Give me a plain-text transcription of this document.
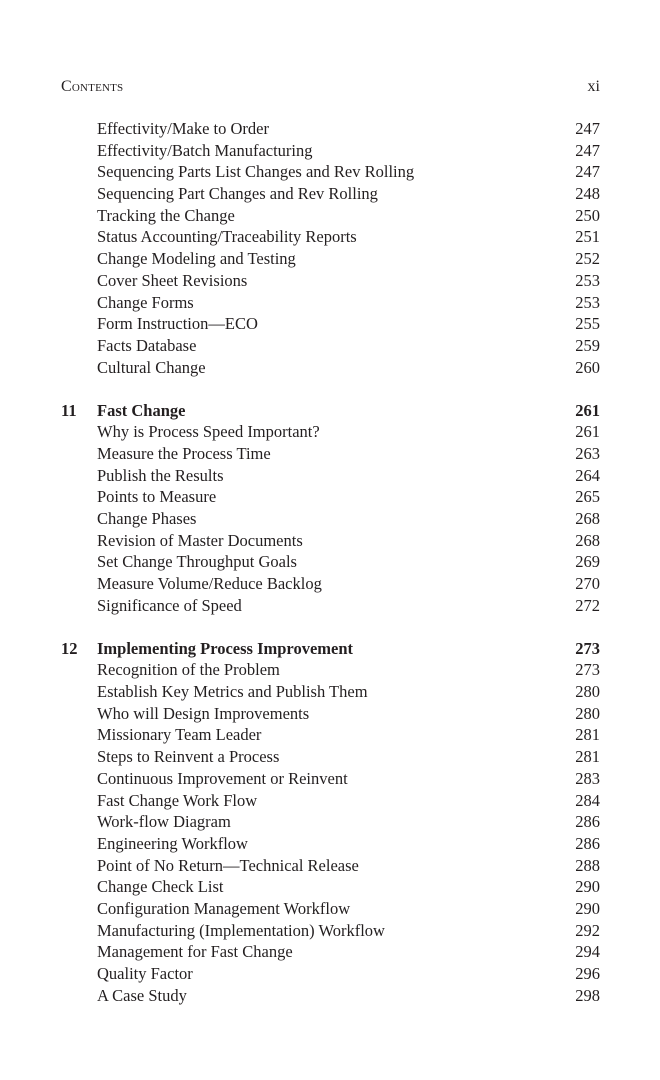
Contents	xi
Effectivity/Make to Order	247
Effectivity/Batch Manufacturing	247
Sequencing Parts List Changes and Rev Rolling	247
Sequencing Part Changes and Rev Rolling	248
Tracking the Change	250
Status Accounting/Traceability Reports	251
Change Modeling and Testing	252
Cover Sheet Revisions	253
Change Forms	253
Form Instruction—ECO	255
Facts Database	259
Cultural Change	260
11 Fast Change	261
Why is Process Speed Important?	261
Measure the Process Time	263
Publish the Results	264
Points to Measure	265
Change Phases	268
Revision of Master Documents	268
Set Change Throughput Goals	269
Measure Volume/Reduce Backlog	270
Significance of Speed	272
12 Implementing Process Improvement	273
Recognition of the Problem	273
Establish Key Metrics and Publish Them	280
Who will Design Improvements	280
Missionary Team Leader	281
Steps to Reinvent a Process	281
Continuous Improvement or Reinvent	283
Fast Change Work Flow	284
Work-flow Diagram	286
Engineering Workflow	286
Point of No Return—Technical Release	288
Change Check List	290
Configuration Management Workflow	290
Manufacturing (Implementation) Workflow	292
Management for Fast Change	294
Quality Factor	296
A Case Study	298
